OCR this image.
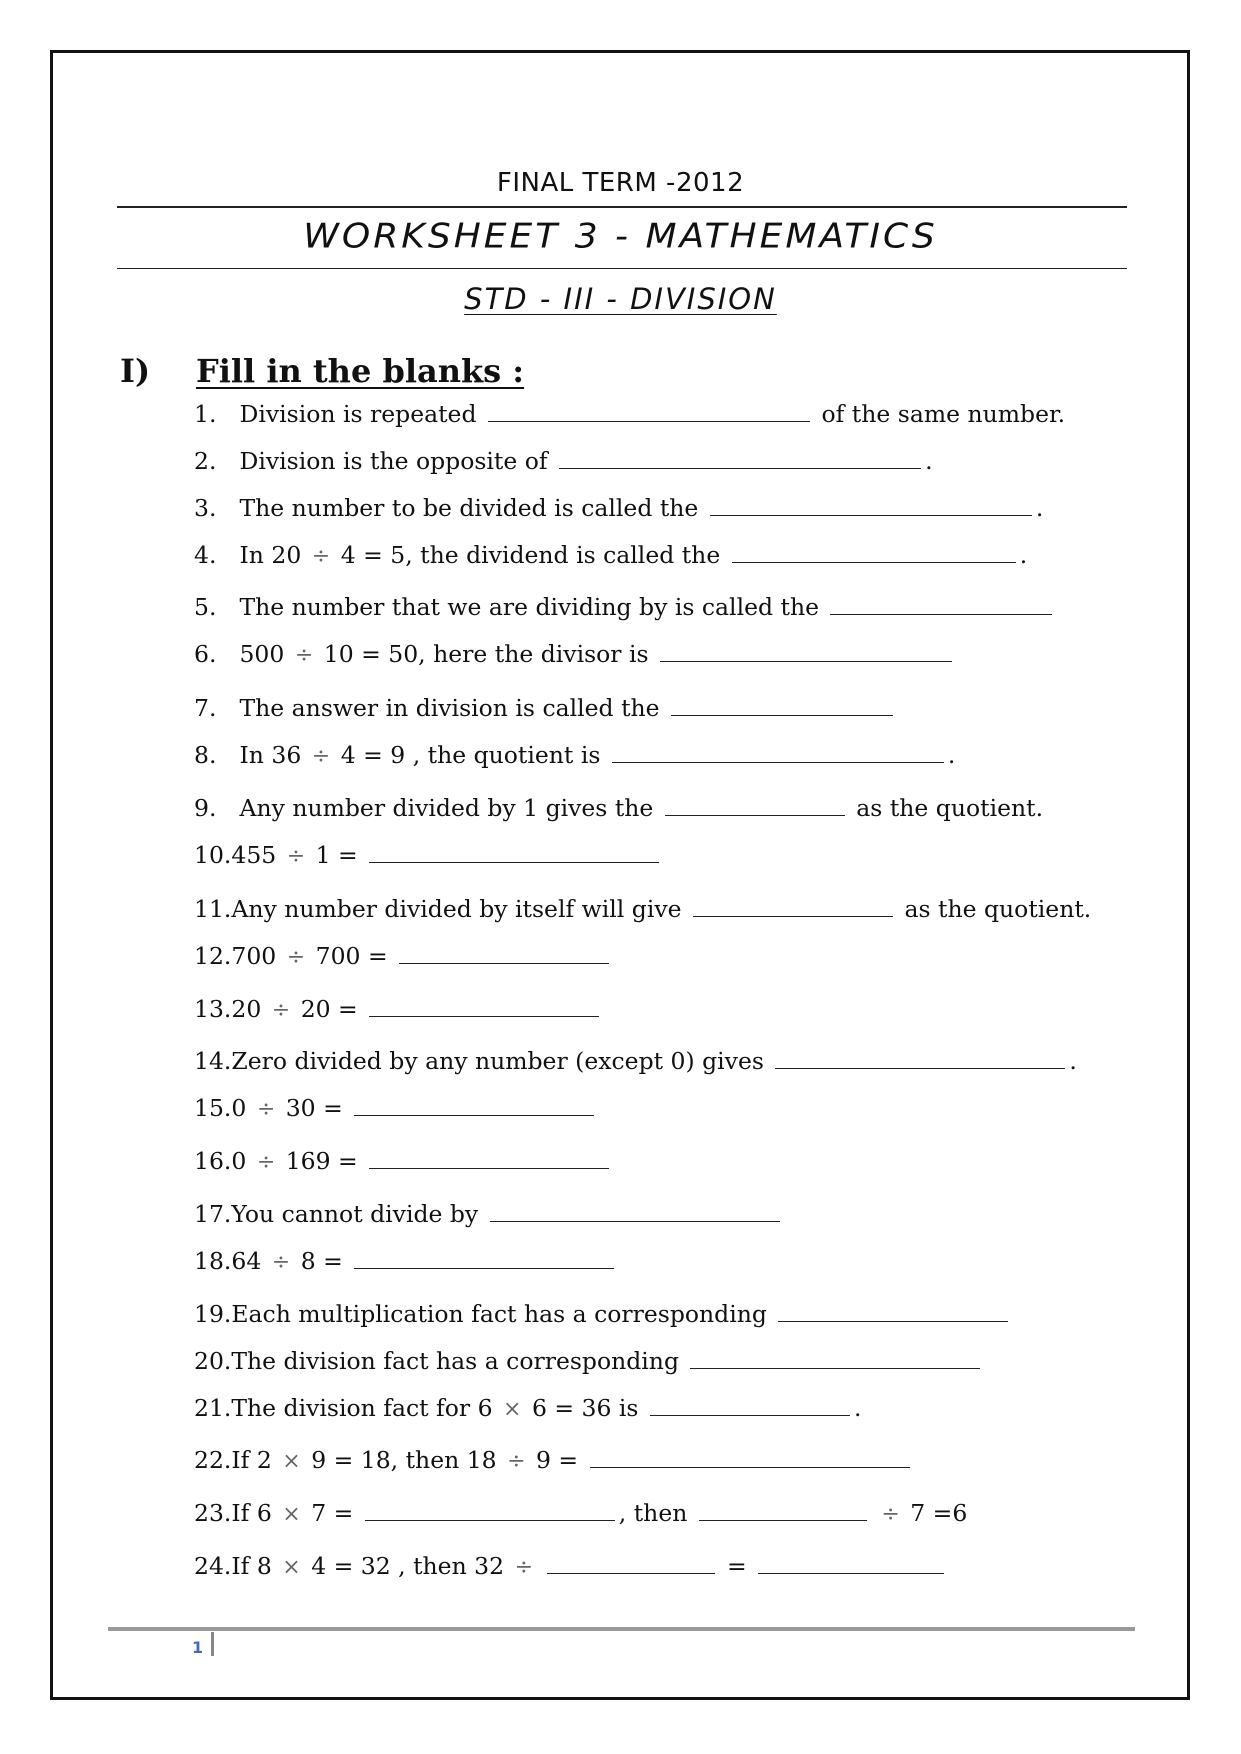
FINAL TERM -2012
WORKSHEET 3 - MATHEMATICS
STD - III - DIVISION
I) Fill in the blanks :
1. Division is repeated	of the same number.
2. Division is the opposite of	.
3. The number to be divided is called the	.
4. In 20 ÷ 4 = 5, the dividend is called the	.
5. The number that we are dividing by is called the
6. 500 ÷ 10 = 50, here the divisor is
7. The answer in division is called the
8. In 36 ÷ 4 = 9 , the quotient is	.
9. Any number divided by 1 gives the	as the quotient.
10.455 ÷ 1 =
11.Any number divided by itself will give	as the quotient.
12.700 ÷ 700 =
13.20 ÷ 20 =
14.Zero divided by any number (except 0) gives	.
15.0 ÷ 30 =
16.0 ÷ 169 =
17.You cannot divide by
18.64 ÷ 8 =
19.Each multiplication fact has a corresponding
20.The division fact has a corresponding
21.The division fact for 6 × 6 = 36 is	.
22.If 2 × 9 = 18, then 18 ÷ 9 =
23.If 6 × 7 =	, then	÷ 7 =6
24.If 8 × 4 = 32 , then 32 ÷	=
1
